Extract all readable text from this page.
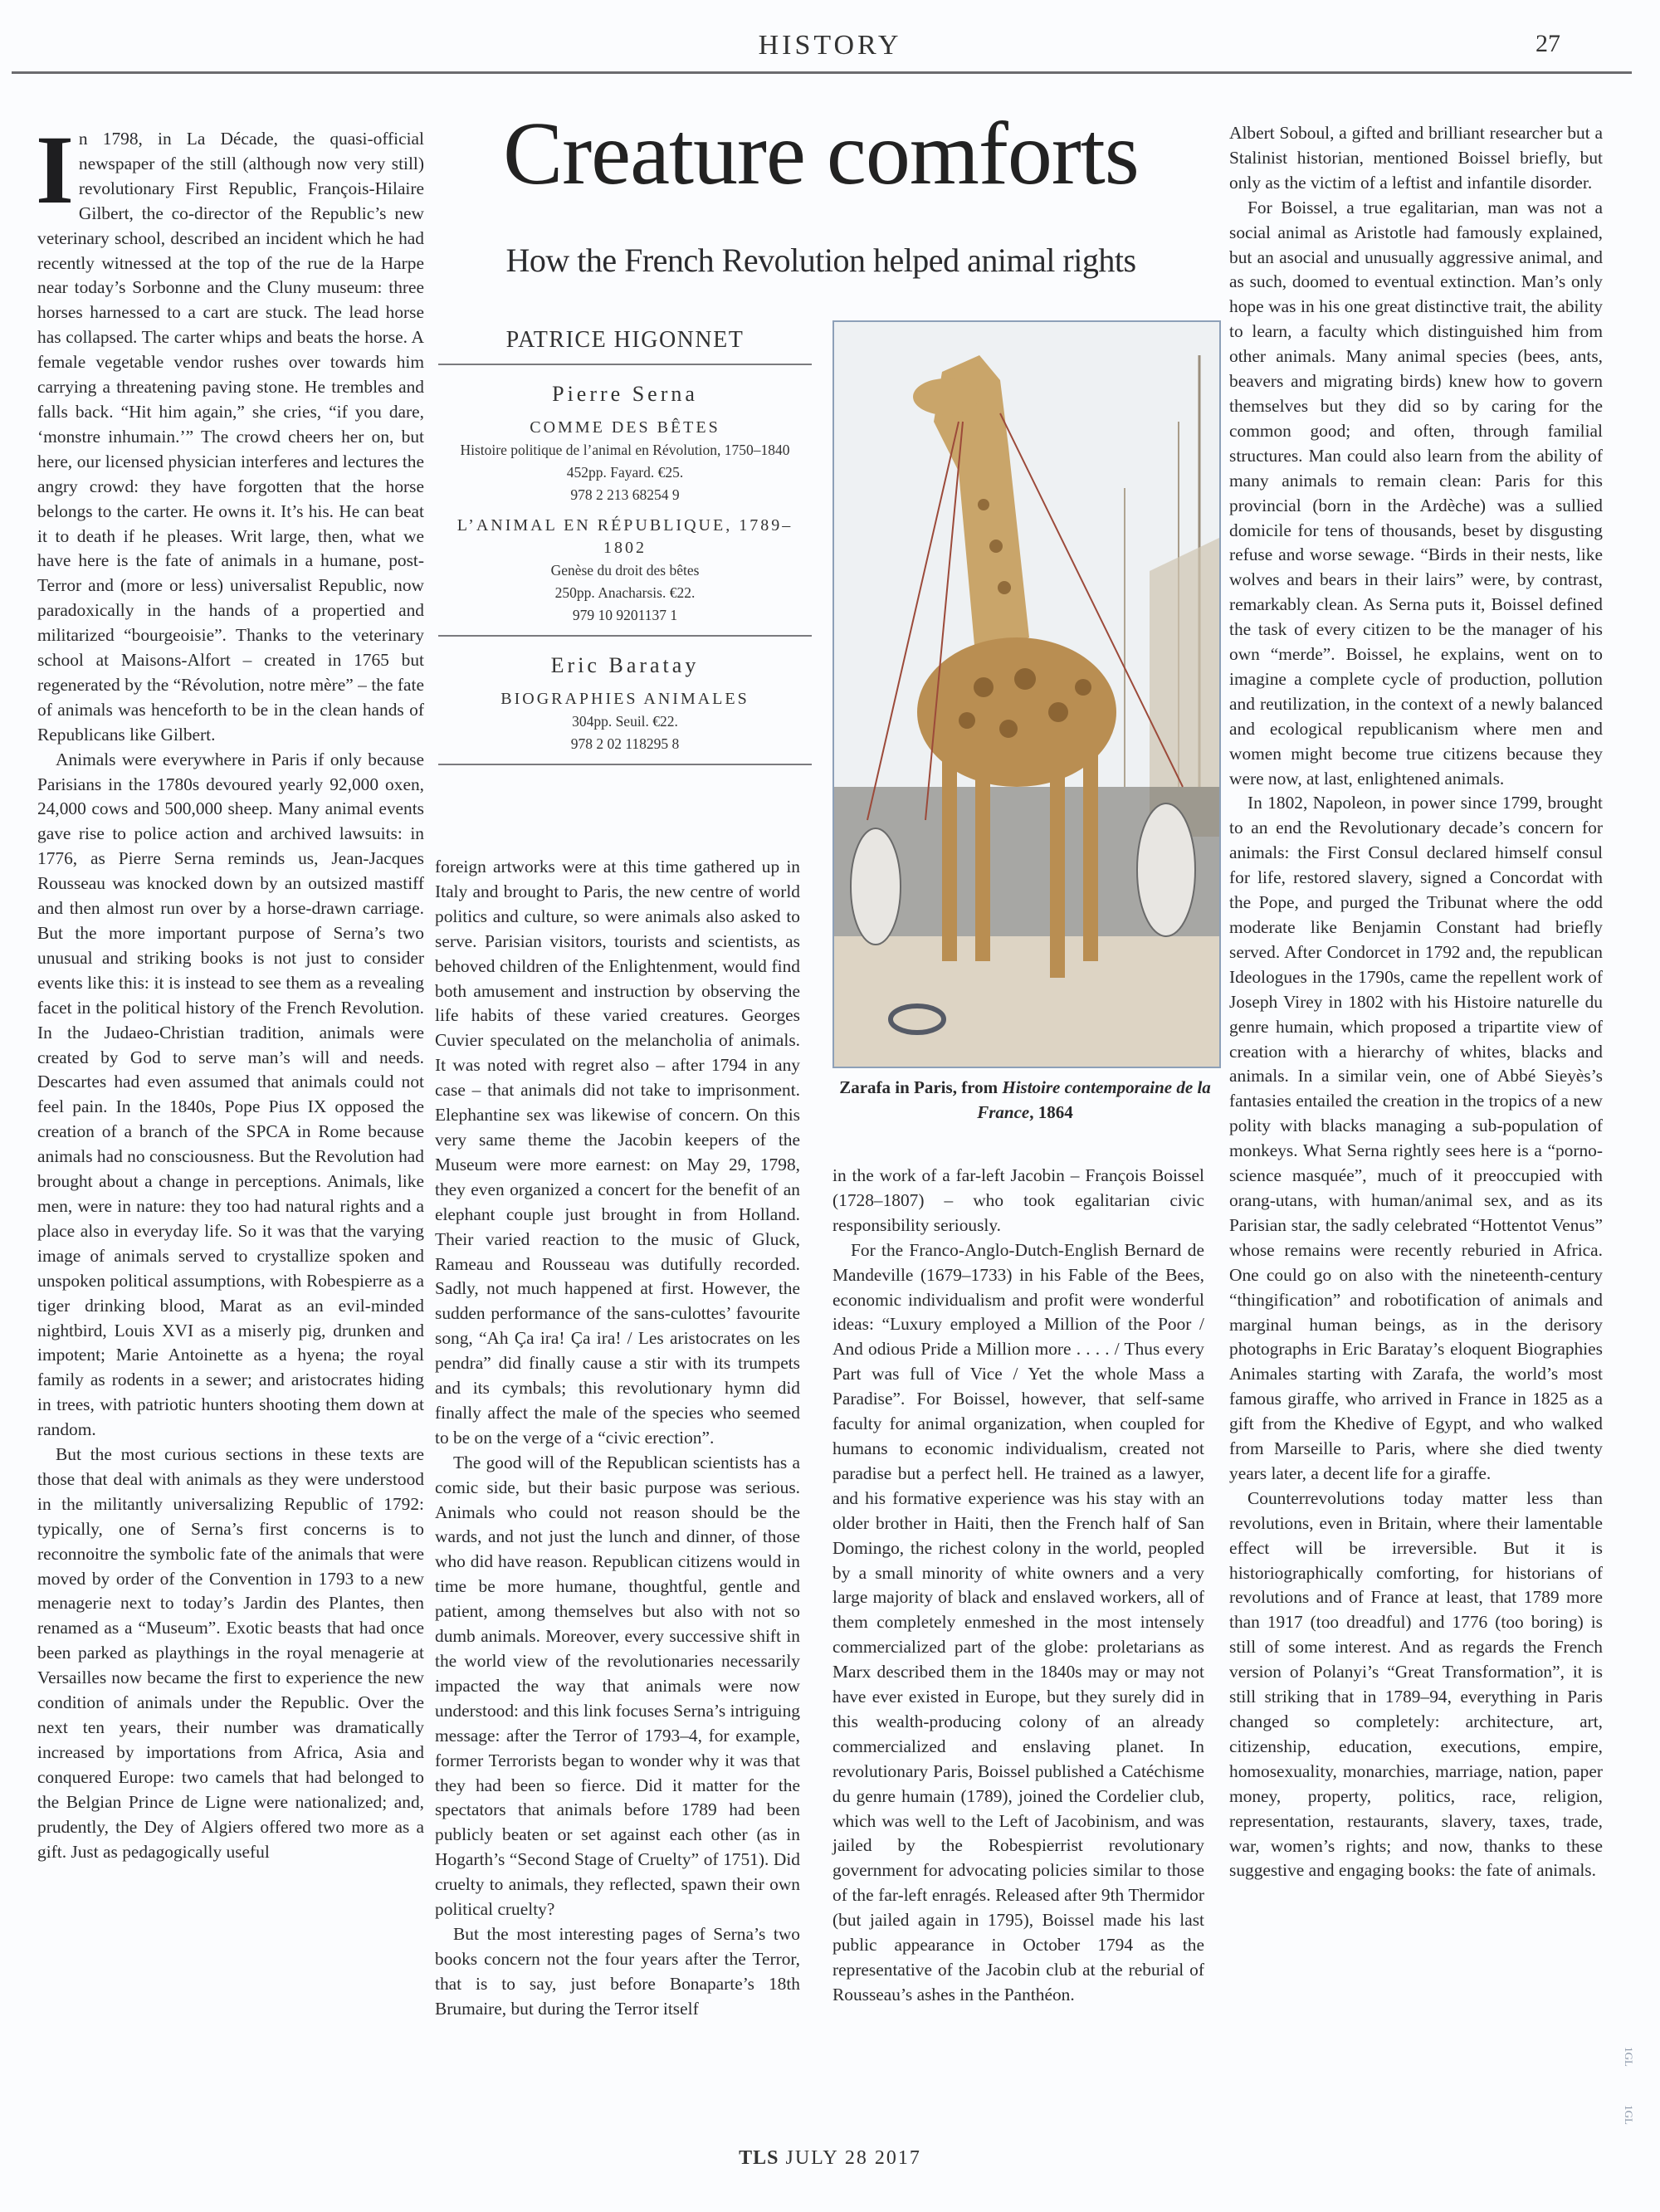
HISTORY	27
Creature comforts
How the French Revolution helped animal rights
PATRICE HIGONNET
Pierre Serna
COMME DES BÊTES
Histoire politique de l’animal en Révolution, 1750–1840
452pp. Fayard. €25.
978 2 213 68254 9
L’ANIMAL EN RÉPUBLIQUE, 1789–1802
Genèse du droit des bêtes
250pp. Anacharsis. €22.
979 10 9201137 1
Eric Baratay
BIOGRAPHIES ANIMALES
304pp. Seuil. €22.
978 2 02 118295 8
Zarafa in Paris, from Histoire contemporaine de la France, 1864

In 1798, in La Décade, the quasi-official newspaper of the still (although now very still) revolutionary First Republic, François-Hilaire Gilbert, the co-director of the Republic’s new veterinary school, described an incident which he had recently witnessed at the top of the rue de la Harpe near today’s Sorbonne and the Cluny museum: three horses harnessed to a cart are stuck. The lead horse has collapsed. The carter whips and beats the horse. A female vegetable vendor rushes over towards him carrying a threatening paving stone. He trembles and falls back. “Hit him again,” she cries, “if you dare, ‘monstre inhumain.’” The crowd cheers her on, but here, our licensed physician interferes and lectures the angry crowd: they have forgotten that the horse belongs to the carter. He owns it. It’s his. He can beat it to death if he pleases. Writ large, then, what we have here is the fate of animals in a humane, post-Terror and (more or less) universalist Republic, now paradoxically in the hands of a propertied and militarized “bourgeoisie”. Thanks to the veterinary school at Maisons-Alfort – created in 1765 but regenerated by the “Révolution, notre mère” – the fate of animals was henceforth to be in the clean hands of Republicans like Gilbert.

Animals were everywhere in Paris if only because Parisians in the 1780s devoured yearly 92,000 oxen, 24,000 cows and 500,000 sheep. Many animal events gave rise to police action and archived lawsuits: in 1776, as Pierre Serna reminds us, Jean-Jacques Rousseau was knocked down by an outsized mastiff and then almost run over by a horse-drawn carriage. But the more important purpose of Serna’s two unusual and striking books is not just to consider events like this: it is instead to see them as a revealing facet in the political history of the French Revolution. In the Judaeo-Christian tradition, animals were created by God to serve man’s will and needs. Descartes had even assumed that animals could not feel pain. In the 1840s, Pope Pius IX opposed the creation of a branch of the SPCA in Rome because animals had no consciousness. But the Revolution had brought about a change in perceptions. Animals, like men, were in nature: they too had natural rights and a place also in everyday life. So it was that the varying image of animals served to crystallize spoken and unspoken political assumptions, with Robespierre as a tiger drinking blood, Marat as an evil-minded nightbird, Louis XVI as a miserly pig, drunken and impotent; Marie Antoinette as a hyena; the royal family as rodents in a sewer; and aristocrates hiding in trees, with patriotic hunters shooting them down at random.

But the most curious sections in these texts are those that deal with animals as they were understood in the militantly universalizing Republic of 1792: typically, one of Serna’s first concerns is to reconnoitre the symbolic fate of the animals that were moved by order of the Convention in 1793 to a new menagerie next to today’s Jardin des Plantes, then renamed as a “Museum”. Exotic beasts that had once been parked as playthings in the royal menagerie at Versailles now became the first to experience the new condition of animals under the Republic. Over the next ten years, their number was dramatically increased by importations from Africa, Asia and conquered Europe: two camels that had belonged to the Belgian Prince de Ligne were nationalized; and, prudently, the Dey of Algiers offered two more as a gift. Just as pedagogically useful

foreign artworks were at this time gathered up in Italy and brought to Paris, the new centre of world politics and culture, so were animals also asked to serve. Parisian visitors, tourists and scientists, as behoved children of the Enlightenment, would find both amusement and instruction by observing the life habits of these varied creatures. Georges Cuvier speculated on the melancholia of animals. It was noted with regret also – after 1794 in any case – that animals did not take to imprisonment. Elephantine sex was likewise of concern. On this very same theme the Jacobin keepers of the Museum were more earnest: on May 29, 1798, they even organized a concert for the benefit of an elephant couple just brought in from Holland. Their varied reaction to the music of Gluck, Rameau and Rousseau was dutifully recorded. Sadly, not much happened at first. However, the sudden performance of the sans-culottes’ favourite song, “Ah Ça ira! Ça ira! / Les aristocrates on les pendra” did finally cause a stir with its trumpets and its cymbals; this revolutionary hymn did finally affect the male of the species who seemed to be on the verge of a “civic erection”.

The good will of the Republican scientists has a comic side, but their basic purpose was serious. Animals who could not reason should be the wards, and not just the lunch and dinner, of those who did have reason. Republican citizens would in time be more humane, thoughtful, gentle and patient, among themselves but also with not so dumb animals. Moreover, every successive shift in the world view of the revolutionaries necessarily impacted the way that animals were now understood: and this link focuses Serna’s intriguing message: after the Terror of 1793–4, for example, former Terrorists began to wonder why it was that they had been so fierce. Did it matter for the spectators that animals before 1789 had been publicly beaten or set against each other (as in Hogarth’s “Second Stage of Cruelty” of 1751). Did cruelty to animals, they reflected, spawn their own political cruelty?

But the most interesting pages of Serna’s two books concern not the four years after the Terror, that is to say, just before Bonaparte’s 18th Brumaire, but during the Terror itself

in the work of a far-left Jacobin – François Boissel (1728–1807) – who took egalitarian civic responsibility seriously.

For the Franco-Anglo-Dutch-English Bernard de Mandeville (1679–1733) in his Fable of the Bees, economic individualism and profit were wonderful ideas: “Luxury employed a Million of the Poor / And odious Pride a Million more . . . . / Thus every Part was full of Vice / Yet the whole Mass a Paradise”. For Boissel, however, that self-same faculty for animal organization, when coupled for humans to economic individualism, created not paradise but a perfect hell. He trained as a lawyer, and his formative experience was his stay with an older brother in Haiti, then the French half of San Domingo, the richest colony in the world, peopled by a small minority of white owners and a very large majority of black and enslaved workers, all of them completely enmeshed in the most intensely commercialized part of the globe: proletarians as Marx described them in the 1840s may or may not have ever existed in Europe, but they surely did in this wealth-producing colony of an already commercialized and enslaving planet. In revolutionary Paris, Boissel published a Catéchisme du genre humain (1789), joined the Cordelier club, which was well to the Left of Jacobinism, and was jailed by the Robespierrist revolutionary government for advocating policies similar to those of the far-left enragés. Released after 9th Thermidor (but jailed again in 1795), Boissel made his last public appearance in October 1794 as the representative of the Jacobin club at the reburial of Rousseau’s ashes in the Panthéon.

Albert Soboul, a gifted and brilliant researcher but a Stalinist historian, mentioned Boissel briefly, but only as the victim of a leftist and infantile disorder.

For Boissel, a true egalitarian, man was not a social animal as Aristotle had famously explained, but an asocial and unusually aggressive animal, and as such, doomed to eventual extinction. Man’s only hope was in his one great distinctive trait, the ability to learn, a faculty which distinguished him from other animals. Many animal species (bees, ants, beavers and migrating birds) knew how to govern themselves but they did so by caring for the common good; and often, through familial structures. Man could also learn from the ability of many animals to remain clean: Paris for this provincial (born in the Ardèche) was a sullied domicile for tens of thousands, beset by disgusting refuse and worse sewage. “Birds in their nests, like wolves and bears in their lairs” were, by contrast, remarkably clean. As Serna puts it, Boissel defined the task of every citizen to be the manager of his own “merde”. Boissel, he explains, went on to imagine a complete cycle of production, pollution and reutilization, in the context of a newly balanced and ecological republicanism where men and women might become true citizens because they were now, at last, enlightened animals.

In 1802, Napoleon, in power since 1799, brought to an end the Revolutionary decade’s concern for animals: the First Consul declared himself consul for life, restored slavery, signed a Concordat with the Pope, and purged the Tribunat where the odd moderate like Benjamin Constant had briefly served. After Condorcet in 1792 and, the republican Ideologues in the 1790s, came the repellent work of Joseph Virey in 1802 with his Histoire naturelle du genre humain, which proposed a tripartite view of creation with a hierarchy of whites, blacks and animals. In a similar vein, one of Abbé Sieyès’s fantasies entailed the creation in the tropics of a new polity with blacks managing a sub-population of monkeys. What Serna rightly sees here is a “porno-science masquée”, much of it preoccupied with orang-utans, with human/animal sex, and as its Parisian star, the sadly celebrated “Hottentot Venus” whose remains were recently reburied in Africa. One could go on also with the nineteenth-century “thingification” and robotification of animals and marginal human beings, as in the derisory photographs in Eric Baratay’s eloquent Biographies Animales starting with Zarafa, the world’s most famous giraffe, who arrived in France in 1825 as a gift from the Khedive of Egypt, and who walked from Marseille to Paris, where she died twenty years later, a decent life for a giraffe.

Counterrevolutions today matter less than revolutions, even in Britain, where their lamentable effect will be irreversible. But it is historiographically comforting, for historians of revolutions and of France at least, that 1789 more than 1917 (too dreadful) and 1776 (too boring) is still of some interest. And as regards the French version of Polanyi’s “Great Transformation”, it is still striking that in 1789–94, everything in Paris changed so completely: architecture, art, citizenship, education, executions, empire, homosexuality, monarchies, marriage, nation, paper money, property, politics, race, religion, representation, restaurants, slavery, taxes, trade, war, women’s rights; and now, thanks to these suggestive and engaging books: the fate of animals.

TLS JULY 28 2017
1GL
1GL
